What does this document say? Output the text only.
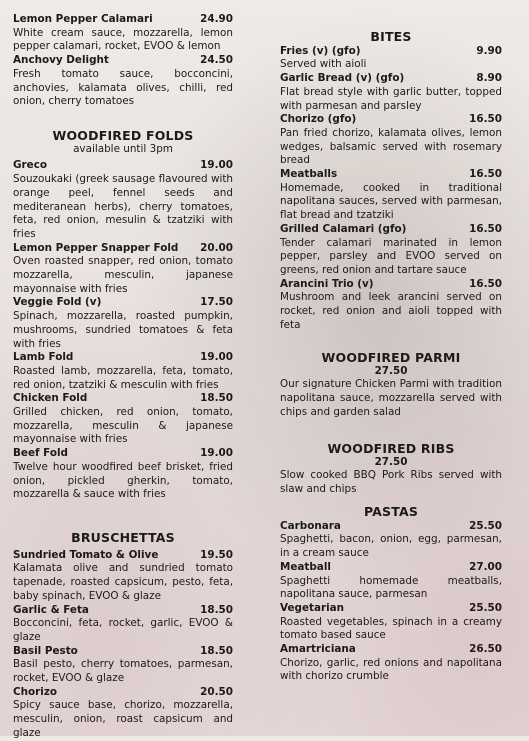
Lemon Pepper Calamari	24.90
White cream sauce, mozzarella, lemon pepper calamari, rocket, EVOO & lemon
Anchovy Delight	24.50
Fresh tomato sauce, bocconcini, anchovies, kalamata olives, chilli, red onion, cherry tomatoes
WOODFIRED FOLDS
available until 3pm
Greco	19.00
Souzoukaki (greek sausage flavoured with orange peel, fennel seeds and mediteranean herbs), cherry tomatoes, feta, red onion, mesulin & tzatziki with fries
Lemon Pepper Snapper Fold 20.00
Oven roasted snapper, red onion, tomato mozzarella, mesculin, japanese mayonnaise with fries
Veggie Fold (v)	17.50
Spinach, mozzarella, roasted pumpkin, mushrooms, sundried tomatoes & feta with fries
Lamb Fold	19.00
Roasted lamb, mozzarella, feta, tomato, red onion, tzatziki & mesculin with fries
Chicken Fold	18.50
Grilled chicken, red onion, tomato, mozzarella, mesculin & japanese mayonnaise with fries
Beef Fold	19.00
Twelve hour woodfired beef brisket, fried onion, pickled gherkin, tomato, mozzarella & sauce with fries
BRUSCHETTAS
Sundried Tomato & Olive	19.50
Kalamata olive and sundried tomato tapenade, roasted capsicum, pesto, feta, baby spinach, EVOO & glaze
Garlic & Feta	18.50
Bocconcini, feta, rocket, garlic, EVOO & glaze
Basil Pesto	18.50
Basil pesto, cherry tomatoes, parmesan, rocket, EVOO & glaze
Chorizo	20.50
Spicy sauce base, chorizo, mozzarella, mesculin, onion, roast capsicum and glaze
BITES
Fries (v) (gfo)	9.90
Served with aioli
Garlic Bread (v) (gfo)	8.90
Flat bread style with garlic butter, topped with parmesan and parsley
Chorizo (gfo)	16.50
Pan fried chorizo, kalamata olives, lemon wedges, balsamic served with rosemary bread
Meatballs	16.50
Homemade, cooked in traditional napolitana sauces, served with parmesan, flat bread and tzatziki
Grilled Calamari (gfo)	16.50
Tender calamari marinated in lemon pepper, parsley and EVOO served on greens, red onion and tartare sauce
Arancini Trio (v)	16.50
Mushroom and leek arancini served on rocket, red onion and aioli topped with feta
WOODFIRED PARMI
27.50
Our signature Chicken Parmi with tradition napolitana sauce, mozzarella served with chips and garden salad
WOODFIRED RIBS
27.50
Slow cooked BBQ Pork Ribs served with slaw and chips
PASTAS
Carbonara	25.50
Spaghetti, bacon, onion, egg, parmesan, in a cream sauce
Meatball	27.00
Spaghetti homemade meatballs, napolitana sauce, parmesan
Vegetarian	25.50
Roasted vegetables, spinach in a creamy tomato based sauce
Amartriciana	26.50
Chorizo, garlic, red onions and napolitana with chorizo crumble
